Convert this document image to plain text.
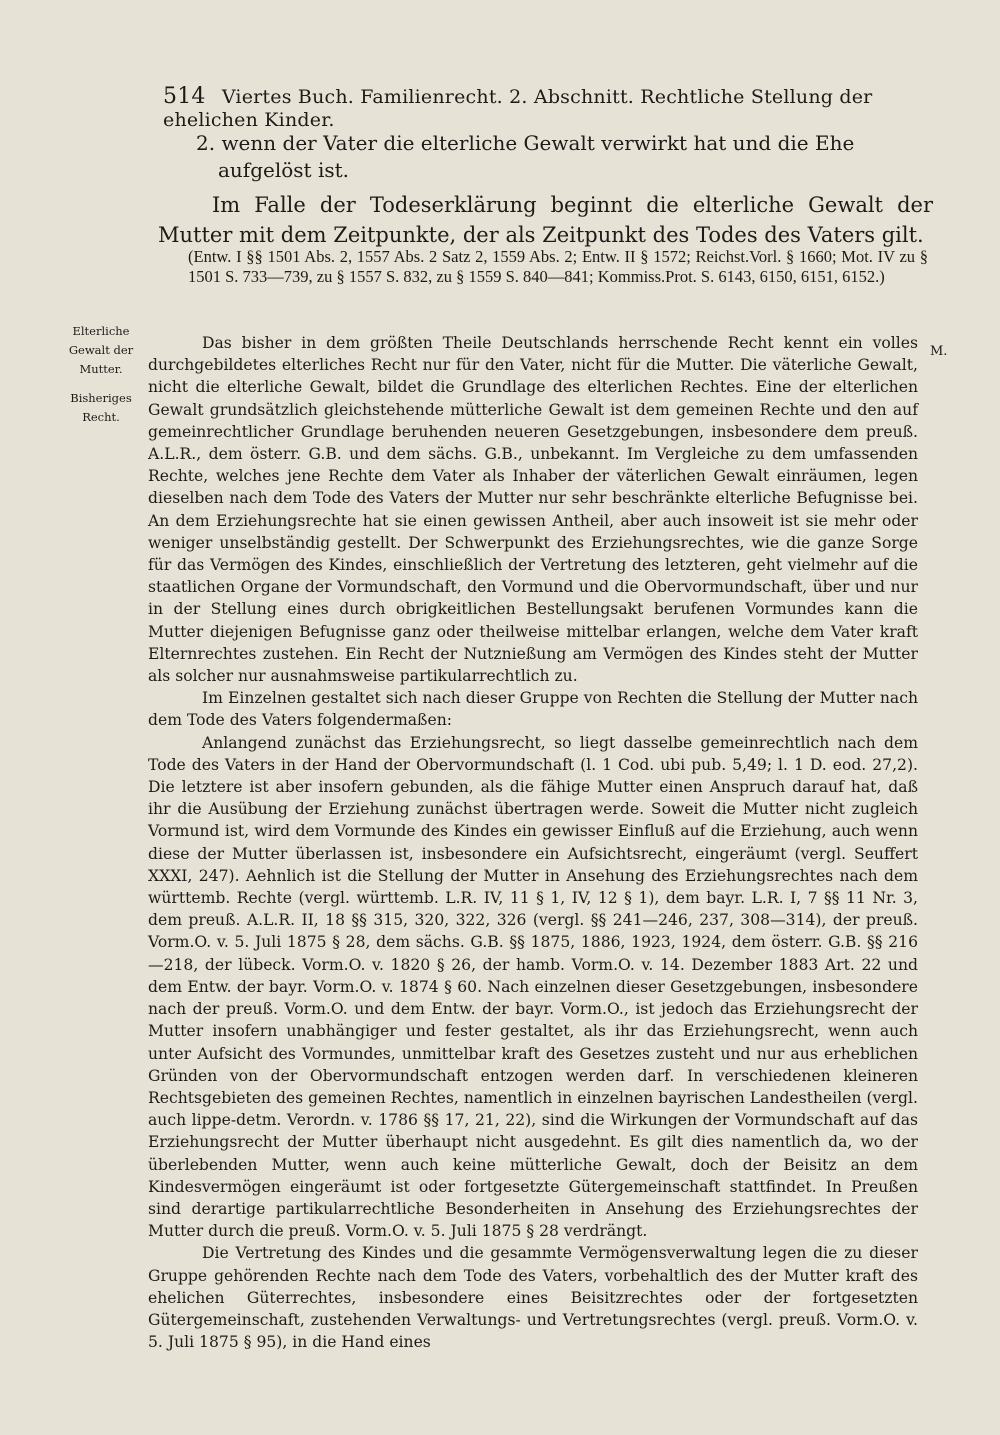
514 Viertes Buch. Familienrecht. 2. Abschnitt. Rechtliche Stellung der ehelichen Kinder.

2. wenn der Vater die elterliche Gewalt verwirkt hat und die Ehe aufgelöst ist.

Im Falle der Todeserklärung beginnt die elterliche Gewalt der Mutter mit dem Zeitpunkte, der als Zeitpunkt des Todes des Vaters gilt.

(Entw. I §§ 1501 Abs. 2, 1557 Abs. 2 Satz 2, 1559 Abs. 2; Entw. II § 1572; Reichst.Vorl. § 1660; Mot. IV zu § 1501 S. 733—739, zu § 1557 S. 832, zu § 1559 S. 840—841; Kommiss.Prot. S. 6143, 6150, 6151, 6152.)
Elterliche Gewalt der Mutter.
Bisheriges Recht.
M.

Das bisher in dem größten Theile Deutschlands herrschende Recht kennt ein volles durchgebildetes elterliches Recht nur für den Vater, nicht für die Mutter. Die väterliche Gewalt, nicht die elterliche Gewalt, bildet die Grundlage des elterlichen Rechtes. Eine der elterlichen Gewalt grundsätzlich gleichstehende mütterliche Gewalt ist dem gemeinen Rechte und den auf gemeinrechtlicher Grundlage beruhenden neueren Gesetzgebungen, insbesondere dem preuß. A.L.R., dem österr. G.B. und dem sächs. G.B., unbekannt. Im Vergleiche zu dem umfassenden Rechte, welches jene Rechte dem Vater als Inhaber der väterlichen Gewalt einräumen, legen dieselben nach dem Tode des Vaters der Mutter nur sehr beschränkte elterliche Befugnisse bei. An dem Erziehungsrechte hat sie einen gewissen Antheil, aber auch insoweit ist sie mehr oder weniger unselbständig gestellt. Der Schwerpunkt des Erziehungsrechtes, wie die ganze Sorge für das Vermögen des Kindes, einschließlich der Vertretung des letzteren, geht vielmehr auf die staatlichen Organe der Vormundschaft, den Vormund und die Obervormundschaft, über und nur in der Stellung eines durch obrigkeitlichen Bestellungsakt berufenen Vormundes kann die Mutter diejenigen Befugnisse ganz oder theilweise mittelbar erlangen, welche dem Vater kraft Elternrechtes zustehen. Ein Recht der Nutznießung am Vermögen des Kindes steht der Mutter als solcher nur ausnahmsweise partikularrechtlich zu.

Im Einzelnen gestaltet sich nach dieser Gruppe von Rechten die Stellung der Mutter nach dem Tode des Vaters folgendermaßen:

Anlangend zunächst das Erziehungsrecht, so liegt dasselbe gemeinrechtlich nach dem Tode des Vaters in der Hand der Obervormundschaft (l. 1 Cod. ubi pub. 5,49; l. 1 D. eod. 27,2). Die letztere ist aber insofern gebunden, als die fähige Mutter einen Anspruch darauf hat, daß ihr die Ausübung der Erziehung zunächst übertragen werde. Soweit die Mutter nicht zugleich Vormund ist, wird dem Vormunde des Kindes ein gewisser Einfluß auf die Erziehung, auch wenn diese der Mutter überlassen ist, insbesondere ein Aufsichtsrecht, eingeräumt (vergl. Seuffert XXXI, 247). Aehnlich ist die Stellung der Mutter in Ansehung des Erziehungsrechtes nach dem württemb. Rechte (vergl. württemb. L.R. IV, 11 § 1, IV, 12 § 1), dem bayr. L.R. I, 7 §§ 11 Nr. 3, dem preuß. A.L.R. II, 18 §§ 315, 320, 322, 326 (vergl. §§ 241—246, 237, 308—314), der preuß. Vorm.O. v. 5. Juli 1875 § 28, dem sächs. G.B. §§ 1875, 1886, 1923, 1924, dem österr. G.B. §§ 216—218, der lübeck. Vorm.O. v. 1820 § 26, der hamb. Vorm.O. v. 14. Dezember 1883 Art. 22 und dem Entw. der bayr. Vorm.O. v. 1874 § 60. Nach einzelnen dieser Gesetzgebungen, insbesondere nach der preuß. Vorm.O. und dem Entw. der bayr. Vorm.O., ist jedoch das Erziehungsrecht der Mutter insofern unabhängiger und fester gestaltet, als ihr das Erziehungsrecht, wenn auch unter Aufsicht des Vormundes, unmittelbar kraft des Gesetzes zusteht und nur aus erheblichen Gründen von der Obervormundschaft entzogen werden darf. In verschiedenen kleineren Rechtsgebieten des gemeinen Rechtes, namentlich in einzelnen bayrischen Landestheilen (vergl. auch lippe-detm. Verordn. v. 1786 §§ 17, 21, 22), sind die Wirkungen der Vormundschaft auf das Erziehungsrecht der Mutter überhaupt nicht ausgedehnt. Es gilt dies namentlich da, wo der überlebenden Mutter, wenn auch keine mütterliche Gewalt, doch der Beisitz an dem Kindesvermögen eingeräumt ist oder fortgesetzte Gütergemeinschaft stattfindet. In Preußen sind derartige partikularrechtliche Besonderheiten in Ansehung des Erziehungsrechtes der Mutter durch die preuß. Vorm.O. v. 5. Juli 1875 § 28 verdrängt.

Die Vertretung des Kindes und die gesammte Vermögensverwaltung legen die zu dieser Gruppe gehörenden Rechte nach dem Tode des Vaters, vorbehaltlich des der Mutter kraft des ehelichen Güterrechtes, insbesondere eines Beisitzrechtes oder der fortgesetzten Gütergemeinschaft, zustehenden Verwaltungs- und Vertretungsrechtes (vergl. preuß. Vorm.O. v. 5. Juli 1875 § 95), in die Hand eines
